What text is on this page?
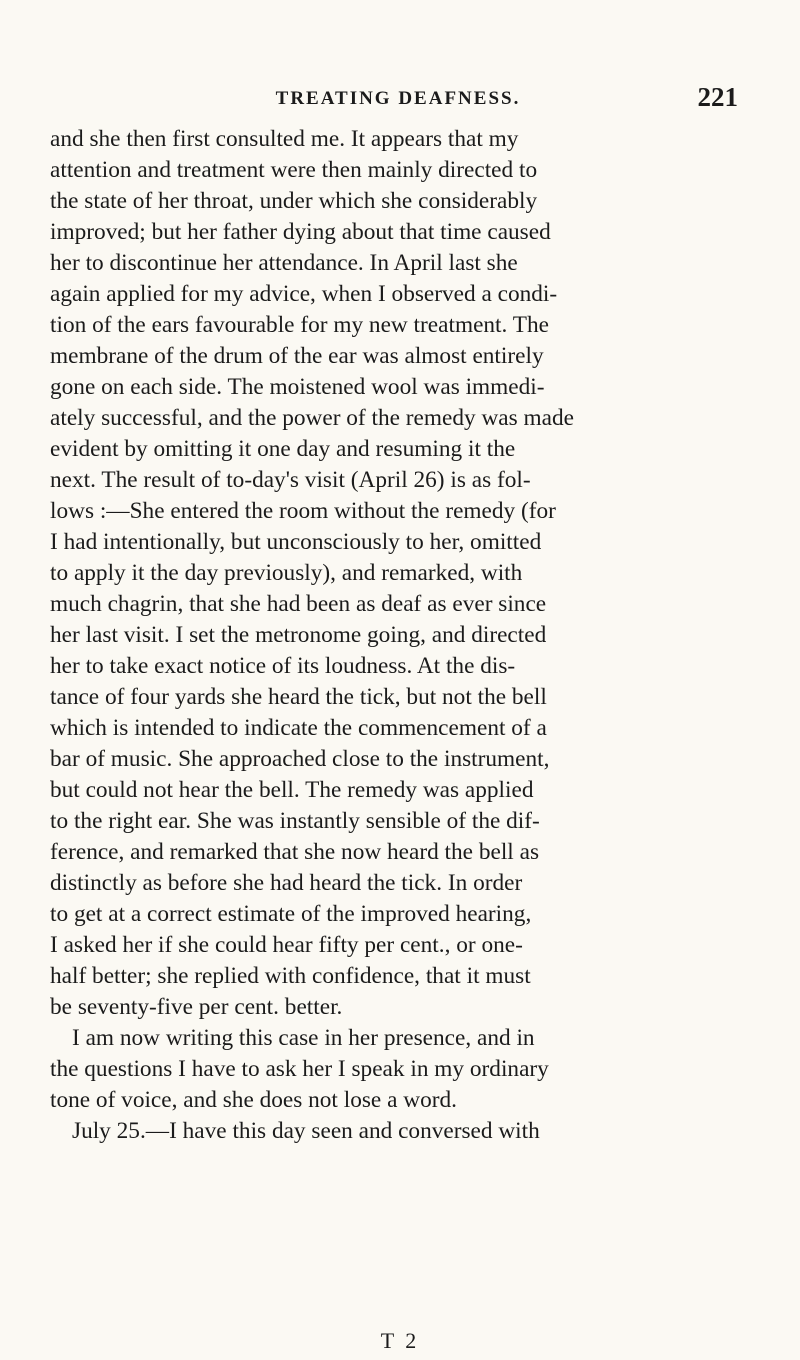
TREATING DEAFNESS.	221
and she then first consulted me. It appears that my
attention and treatment were then mainly directed to
the state of her throat, under which she considerably
improved; but her father dying about that time caused
her to discontinue her attendance. In April last she
again applied for my advice, when I observed a condi-
tion of the ears favourable for my new treatment. The
membrane of the drum of the ear was almost entirely
gone on each side. The moistened wool was immedi-
ately successful, and the power of the remedy was made
evident by omitting it one day and resuming it the
next. The result of to-day's visit (April 26) is as fol-
lows :—She entered the room without the remedy (for
I had intentionally, but unconsciously to her, omitted
to apply it the day previously), and remarked, with
much chagrin, that she had been as deaf as ever since
her last visit. I set the metronome going, and directed
her to take exact notice of its loudness. At the dis-
tance of four yards she heard the tick, but not the bell
which is intended to indicate the commencement of a
bar of music. She approached close to the instrument,
but could not hear the bell. The remedy was applied
to the right ear. She was instantly sensible of the dif-
ference, and remarked that she now heard the bell as
distinctly as before she had heard the tick. In order
to get at a correct estimate of the improved hearing,
I asked her if she could hear fifty per cent., or one-
half better; she replied with confidence, that it must
be seventy-five per cent. better.
I am now writing this case in her presence, and in
the questions I have to ask her I speak in my ordinary
tone of voice, and she does not lose a word.
July 25.—I have this day seen and conversed with
T 2
